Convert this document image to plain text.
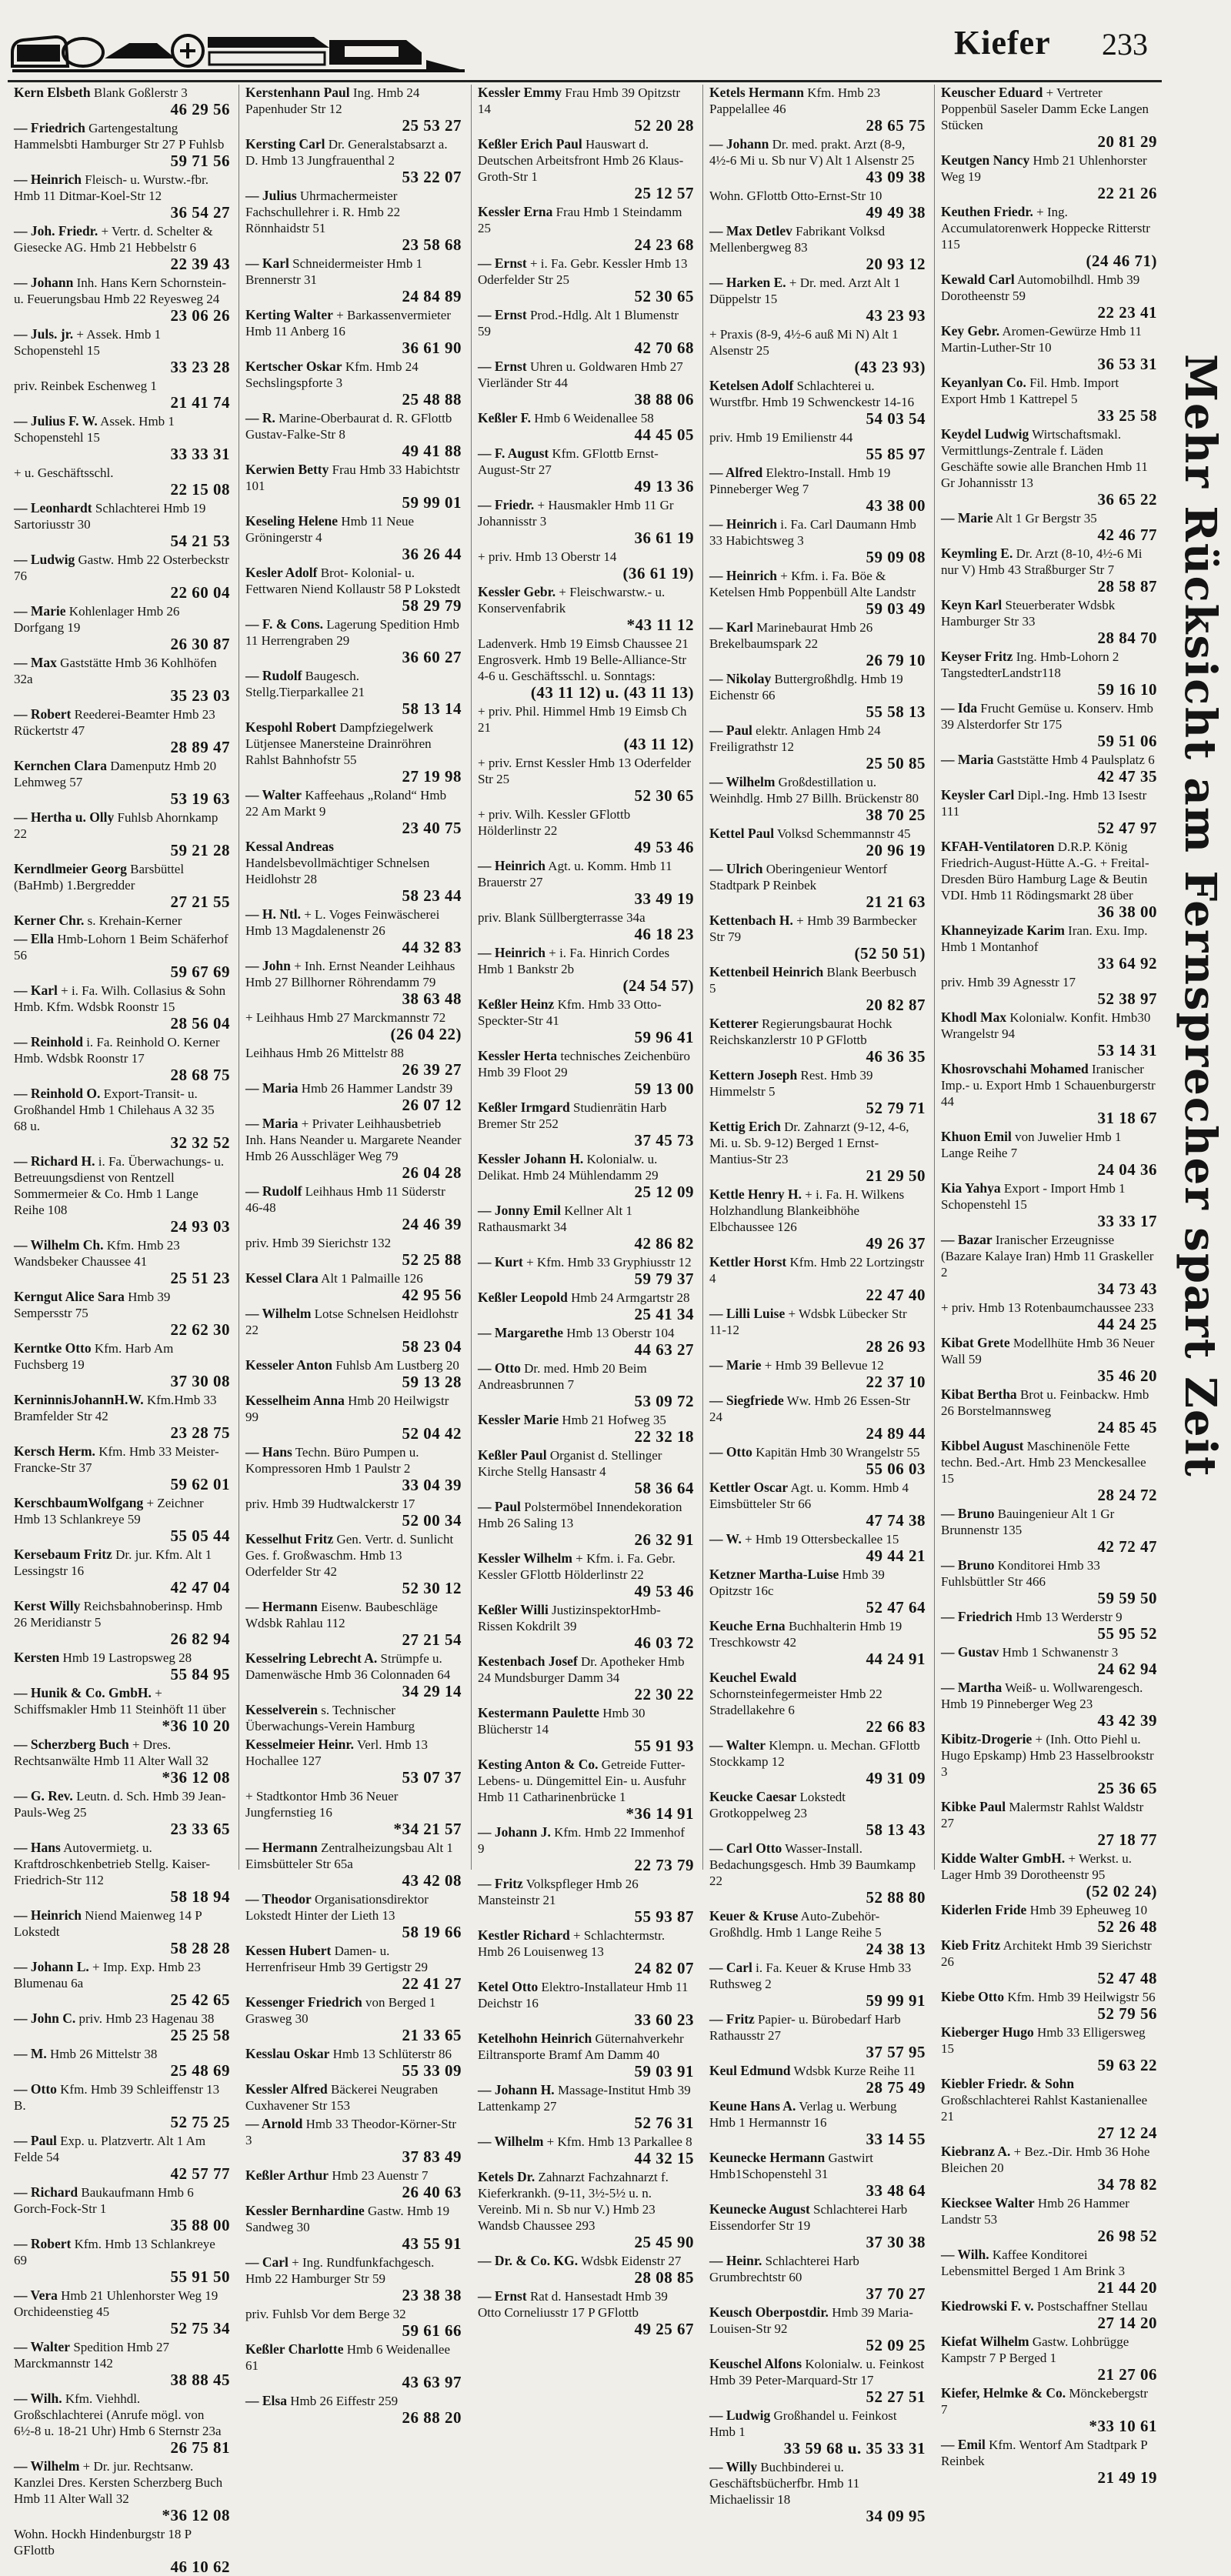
Kiefer 233
Kern Elsbeth Blank Goßlerstr 3
46 29 56
— Friedrich Gartengestaltung Hammelsbti Hamburger Str 27 P Fuhlsb
59 71 56
— Heinrich Fleisch- u. Wurstw.-fbr. Hmb 11 Ditmar-Koel-Str 12
36 54 27
— Joh. Friedr. + Vertr. d. Schelter & Giesecke AG. Hmb 21 Hebbelstr 6
22 39 43
— Johann Inh. Hans Kern Schornstein- u. Feuerungsbau Hmb 22 Reyesweg 24
23 06 26
— Juls. jr. + Assek. Hmb 1 Schopenstehl 15
33 23 28
priv. Reinbek Eschenweg 1
21 41 74
— Julius F. W. Assek. Hmb 1 Schopenstehl 15
33 33 31
+ u. Geschäftsschl.
22 15 08
— Leonhardt Schlachterei Hmb 19 Sartoriusstr 30
54 21 53
— Ludwig Gastw. Hmb 22 Osterbeckstr 76
22 60 04
— Marie Kohlenlager Hmb 26 Dorfgang 19
26 30 87
— Max Gaststätte Hmb 36 Kohlhöfen 32a
35 23 03
— Robert Reederei-Beamter Hmb 23 Rückertstr 47
28 89 47
Kernchen Clara Damenputz Hmb 20 Lehmweg 57
53 19 63
— Hertha u. Olly Fuhlsb Ahornkamp 22
59 21 28
Kerndlmeier Georg Barsbüttel (BaHmb) 1.Bergredder
27 21 55
Kerner Chr. s. Krehain-Kerner
— Ella Hmb-Lohorn 1 Beim Schäferhof 56
59 67 69
— Karl + i. Fa. Wilh. Collasius & Sohn Hmb. Kfm. Wdsbk Roonstr 15
28 56 04
— Reinhold i. Fa. Reinhold O. Kerner Hmb. Wdsbk Roonstr 17
28 68 75
— Reinhold O. Export-Transit- u. Großhandel Hmb 1 Chilehaus A 32 35 68 u.
32 32 52
— Richard H. i. Fa. Überwachungs- u. Betreuungsdienst von Rentzell Sommermeier & Co. Hmb 1 Lange Reihe 108
24 93 03
— Wilhelm Ch. Kfm. Hmb 23 Wandsbeker Chaussee 41
25 51 23
Kerngut Alice Sara Hmb 39 Sempersstr 75
22 62 30
Kerntke Otto Kfm. Harb Am Fuchsberg 19
37 30 08
KerninnisJohannH.W. Kfm.Hmb 33 Bramfelder Str 42
23 28 75
Kersch Herm. Kfm. Hmb 33 Meister-Francke-Str 37
59 62 01
KerschbaumWolfgang + Zeichner Hmb 13 Schlankreye 59
55 05 44
Kersebaum Fritz Dr. jur. Kfm. Alt 1 Lessingstr 16
42 47 04
Kerst Willy Reichsbahnoberinsp. Hmb 26 Meridianstr 5
26 82 94
Kersten Hmb 19 Lastropsweg 28
55 84 95
— Hunik & Co. GmbH. + Schiffsmakler Hmb 11 Steinhöft 11 über
*36 10 20
— Scherzberg Buch + Dres. Rechtsanwälte Hmb 11 Alter Wall 32
*36 12 08
— G. Rev. Leutn. d. Sch. Hmb 39 Jean-Pauls-Weg 25
23 33 65
— Hans Autovermietg. u. Kraftdroschkenbetrieb Stellg. Kaiser-Friedrich-Str 112
58 18 94
— Heinrich Niend Maienweg 14 P Lokstedt
58 28 28
— Johann L. + Imp. Exp. Hmb 23 Blumenau 6a
25 42 65
— John C. priv. Hmb 23 Hagenau 38
25 25 58
— M. Hmb 26 Mittelstr 38
25 48 69
— Otto Kfm. Hmb 39 Schleiffenstr 13 B.
52 75 25
— Paul Exp. u. Platzvertr. Alt 1 Am Felde 54
42 57 77
— Richard Baukaufmann Hmb 6 Gorch-Fock-Str 1
35 88 00
— Robert Kfm. Hmb 13 Schlankreye 69
55 91 50
— Vera Hmb 21 Uhlenhorster Weg 19 Orchideenstieg 45
52 75 34
— Walter Spedition Hmb 27 Marckmannstr 142
38 88 45
— Wilh. Kfm. Viehhdl. Großschlachterei (Anrufe mögl. von 6½-8 u. 18-21 Uhr) Hmb 6 Sternstr 23a
26 75 81
— Wilhelm + Dr. jur. Rechtsanw. Kanzlei Dres. Kersten Scherzberg Buch Hmb 11 Alter Wall 32
*36 12 08
Wohn. Hockh Hindenburgstr 18 P GFlottb
46 10 62
Kerstenhann Paul Ing. Hmb 24 Papenhuder Str 12
25 53 27
Kersting Carl Dr. Generalstabsarzt a. D. Hmb 13 Jungfrauenthal 2
53 22 07
— Julius Uhrmachermeister Fachschullehrer i. R. Hmb 22 Rönnhaidstr 51
23 58 68
— Karl Schneidermeister Hmb 1 Brennerstr 31
24 84 89
Kerting Walter + Barkassenvermieter Hmb 11 Anberg 16
36 61 90
Kertscher Oskar Kfm. Hmb 24 Sechslingspforte 3
25 48 88
— R. Marine-Oberbaurat d. R. GFlottb Gustav-Falke-Str 8
49 41 88
Kerwien Betty Frau Hmb 33 Habichtstr 101
59 99 01
Keseling Helene Hmb 11 Neue Gröningerstr 4
36 26 44
Kesler Adolf Brot- Kolonial- u. Fettwaren Niend Kollaustr 58 P Lokstedt
58 29 79
— F. & Cons. Lagerung Spedition Hmb 11 Herrengraben 29
36 60 27
— Rudolf Baugesch. Stellg.Tierparkallee 21
58 13 14
Kespohl Robert Dampfziegelwerk Lütjensee Manersteine Drainröhren Rahlst Bahnhofstr 55
27 19 98
— Walter Kaffeehaus „Roland“ Hmb 22 Am Markt 9
23 40 75
Kessal Andreas Handelsbevollmächtiger Schnelsen Heidlohstr 28
58 23 44
— H. Ntl. + L. Voges Feinwäscherei Hmb 13 Magdalenenstr 26
44 32 83
— John + Inh. Ernst Neander Leihhaus Hmb 27 Billhorner Röhrendamm 79
38 63 48
+ Leihhaus Hmb 27 Marckmannstr 72
(26 04 22)
Leihhaus Hmb 26 Mittelstr 88
26 39 27
— Maria Hmb 26 Hammer Landstr 39
26 07 12
— Maria + Privater Leihhausbetrieb Inh. Hans Neander u. Margarete Neander Hmb 26 Ausschläger Weg 79
26 04 28
— Rudolf Leihhaus Hmb 11 Süderstr 46-48
24 46 39
priv. Hmb 39 Sierichstr 132
52 25 88
Kessel Clara Alt 1 Palmaille 126
42 95 56
— Wilhelm Lotse Schnelsen Heidlohstr 22
58 23 04
Kesseler Anton Fuhlsb Am Lustberg 20
59 13 28
Kesselheim Anna Hmb 20 Heilwigstr 99
52 04 42
— Hans Techn. Büro Pumpen u. Kompressoren Hmb 1 Paulstr 2
33 04 39
priv. Hmb 39 Hudtwalckerstr 17
52 00 34
Kesselhut Fritz Gen. Vertr. d. Sunlicht Ges. f. Großwaschm. Hmb 13 Oderfelder Str 42
52 30 12
— Hermann Eisenw. Baubeschläge Wdsbk Rahlau 112
27 21 54
Kesselring Lebrecht A. Strümpfe u. Damenwäsche Hmb 36 Colonnaden 64
34 29 14
Kesselverein s. Technischer Überwachungs-Verein Hamburg
Kesselmeier Heinr. Verl. Hmb 13 Hochallee 127
53 07 37
+ Stadtkontor Hmb 36 Neuer Jungfernstieg 16
*34 21 57
— Hermann Zentralheizungsbau Alt 1 Eimsbütteler Str 65a
43 42 08
— Theodor Organisationsdirektor Lokstedt Hinter der Lieth 13
58 19 66
Kessen Hubert Damen- u. Herrenfriseur Hmb 39 Gertigstr 29
22 41 27
Kessenger Friedrich von Berged 1 Grasweg 30
21 33 65
Kesslau Oskar Hmb 13 Schlüterstr 86
55 33 09
Kessler Alfred Bäckerei Neugraben Cuxhavener Str 153
— Arnold Hmb 33 Theodor-Körner-Str 3
37 83 49
Keßler Arthur Hmb 23 Auenstr 7
26 40 63
Kessler Bernhardine Gastw. Hmb 19 Sandweg 30
43 55 91
— Carl + Ing. Rundfunkfachgesch. Hmb 22 Hamburger Str 59
23 38 38
priv. Fuhlsb Vor dem Berge 32
59 61 66
Keßler Charlotte Hmb 6 Weidenallee 61
43 63 97
— Elsa Hmb 26 Eiffestr 259
26 88 20
Kessler Emmy Frau Hmb 39 Opitzstr 14
52 20 28
Keßler Erich Paul Hauswart d. Deutschen Arbeitsfront Hmb 26 Klaus-Groth-Str 1
25 12 57
Kessler Erna Frau Hmb 1 Steindamm 25
24 23 68
— Ernst + i. Fa. Gebr. Kessler Hmb 13 Oderfelder Str 25
52 30 65
— Ernst Prod.-Hdlg. Alt 1 Blumenstr 59
42 70 68
— Ernst Uhren u. Goldwaren Hmb 27 Vierländer Str 44
38 88 06
Keßler F. Hmb 6 Weidenallee 58
44 45 05
— F. August Kfm. GFlottb Ernst-August-Str 27
49 13 36
— Friedr. + Hausmakler Hmb 11 Gr Johannisstr 3
36 61 19
+ priv. Hmb 13 Oberstr 14
(36 61 19)
Kessler Gebr. + Fleischwarstw.- u. Konservenfabrik
*43 11 12
Ladenverk. Hmb 19 Eimsb Chaussee 21 Engrosverk. Hmb 19 Belle-Alliance-Str 4-6 u. Geschäftsschl. u. Sonntags:
(43 11 12) u. (43 11 13)
+ priv. Phil. Himmel Hmb 19 Eimsb Ch 21
(43 11 12)
+ priv. Ernst Kessler Hmb 13 Oderfelder Str 25
52 30 65
+ priv. Wilh. Kessler GFlottb Hölderlinstr 22
49 53 46
— Heinrich Agt. u. Komm. Hmb 11 Brauerstr 27
33 49 19
priv. Blank Süllbergterrasse 34a
46 18 23
— Heinrich + i. Fa. Hinrich Cordes Hmb 1 Bankstr 2b
(24 54 57)
Keßler Heinz Kfm. Hmb 33 Otto-Speckter-Str 41
59 96 41
Kessler Herta technisches Zeichenbüro Hmb 39 Floot 29
59 13 00
Keßler Irmgard Studienrätin Harb Bremer Str 252
37 45 73
Kessler Johann H. Kolonialw. u. Delikat. Hmb 24 Mühlendamm 29
25 12 09
— Jonny Emil Kellner Alt 1 Rathausmarkt 34
42 86 82
— Kurt + Kfm. Hmb 33 Gryphiusstr 12
59 79 37
Keßler Leopold Hmb 24 Armgartstr 28
25 41 34
— Margarethe Hmb 13 Oberstr 104
44 63 27
— Otto Dr. med. Hmb 20 Beim Andreasbrunnen 7
53 09 72
Kessler Marie Hmb 21 Hofweg 35
22 32 18
Keßler Paul Organist d. Stellinger Kirche Stellg Hansastr 4
58 36 64
— Paul Polstermöbel Innendekoration Hmb 26 Saling 13
26 32 91
Kessler Wilhelm + Kfm. i. Fa. Gebr. Kessler GFlottb Hölderlinstr 22
49 53 46
Keßler Willi JustizinspektorHmb-Rissen Kokdrilt 39
46 03 72
Kestenbach Josef Dr. Apotheker Hmb 24 Mundsburger Damm 34
22 30 22
Kestermann Paulette Hmb 30 Blücherstr 14
55 91 93
Kesting Anton & Co. Getreide Futter- Lebens- u. Düngemittel Ein- u. Ausfuhr Hmb 11 Catharinenbrücke 1
*36 14 91
— Johann J. Kfm. Hmb 22 Immenhof 9
22 73 79
— Fritz Volkspfleger Hmb 26 Mansteinstr 21
55 93 87
Kestler Richard + Schlachtermstr. Hmb 26 Louisenweg 13
24 82 07
Ketel Otto Elektro-Installateur Hmb 11 Deichstr 16
33 60 23
Ketelhohn Heinrich Güternahverkehr Eiltransporte Bramf Am Damm 40
59 03 91
— Johann H. Massage-Institut Hmb 39 Lattenkamp 27
52 76 31
— Wilhelm + Kfm. Hmb 13 Parkallee 8
44 32 15
Ketels Dr. Zahnarzt Fachzahnarzt f. Kieferkrankh. (9-11, 3½-5½ u. n. Vereinb. Mi n. Sb nur V.) Hmb 23 Wandsb Chaussee 293
25 45 90
— Dr. & Co. KG. Wdsbk Eidenstr 27
28 08 85
— Ernst Rat d. Hansestadt Hmb 39 Otto Corneliusstr 17 P GFlottb
49 25 67
Ketels Hermann Kfm. Hmb 23 Pappelallee 46
28 65 75
— Johann Dr. med. prakt. Arzt (8-9, 4½-6 Mi u. Sb nur V) Alt 1 Alsenstr 25
43 09 38
Wohn. GFlottb Otto-Ernst-Str 10
49 49 38
— Max Detlev Fabrikant Volksd Mellenbergweg 83
20 93 12
— Harken E. + Dr. med. Arzt Alt 1 Düppelstr 15
43 23 93
+ Praxis (8-9, 4½-6 auß Mi N) Alt 1 Alsenstr 25
(43 23 93)
Ketelsen Adolf Schlachterei u. Wurstfbr. Hmb 19 Schwenckestr 14-16
54 03 54
priv. Hmb 19 Emilienstr 44
55 85 97
— Alfred Elektro-Install. Hmb 19 Pinneberger Weg 7
43 38 00
— Heinrich i. Fa. Carl Daumann Hmb 33 Habichtsweg 3
59 09 08
— Heinrich + Kfm. i. Fa. Böe & Ketelsen Hmb Poppenbüll Alte Landstr
59 03 49
— Karl Marinebaurat Hmb 26 Brekelbaumspark 22
26 79 10
— Nikolay Buttergroßhdlg. Hmb 19 Eichenstr 66
55 58 13
— Paul elektr. Anlagen Hmb 24 Freiligrathstr 12
25 50 85
— Wilhelm Großdestillation u. Weinhdlg. Hmb 27 Billh. Brückenstr 80
38 70 25
Kettel Paul Volksd Schemmannstr 45
20 96 19
— Ulrich Oberingenieur Wentorf Stadtpark P Reinbek
21 21 63
Kettenbach H. + Hmb 39 Barmbecker Str 79
(52 50 51)
Kettenbeil Heinrich Blank Beerbusch 5
20 82 87
Ketterer Regierungsbaurat Hochk Reichskanzlerstr 10 P GFlottb
46 36 35
Kettern Joseph Rest. Hmb 39 Himmelstr 5
52 79 71
Kettig Erich Dr. Zahnarzt (9-12, 4-6, Mi. u. Sb. 9-12) Berged 1 Ernst-Mantius-Str 23
21 29 50
Kettle Henry H. + i. Fa. H. Wilkens Holzhandlung Blankeibhöhe Elbchaussee 126
49 26 37
Kettler Horst Kfm. Hmb 22 Lortzingstr 4
22 47 40
— Lilli Luise + Wdsbk Lübecker Str 11-12
28 26 93
— Marie + Hmb 39 Bellevue 12
22 37 10
— Siegfriede Ww. Hmb 26 Essen-Str 24
24 89 44
— Otto Kapitän Hmb 30 Wrangelstr 55
55 06 03
Kettler Oscar Agt. u. Komm. Hmb 4 Eimsbütteler Str 66
47 74 38
— W. + Hmb 19 Ottersbeckallee 15
49 44 21
Ketzner Martha-Luise Hmb 39 Opitzstr 16c
52 47 64
Keuche Erna Buchhalterin Hmb 19 Treschkowstr 42
44 24 91
Keuchel Ewald Schornsteinfegermeister Hmb 22 Stradellakehre 6
22 66 83
— Walter Klempn. u. Mechan. GFlottb Stockkamp 12
49 31 09
Keucke Caesar Lokstedt Grotkoppelweg 23
58 13 43
— Carl Otto Wasser-Install. Bedachungsgesch. Hmb 39 Baumkamp 22
52 88 80
Keuer & Kruse Auto-Zubehör-Großhdlg. Hmb 1 Lange Reihe 5
24 38 13
— Carl i. Fa. Keuer & Kruse Hmb 33 Ruthsweg 2
59 99 91
— Fritz Papier- u. Bürobedarf Harb Rathausstr 27
37 57 95
Keul Edmund Wdsbk Kurze Reihe 11
28 75 49
Keune Hans A. Verlag u. Werbung Hmb 1 Hermannstr 16
33 14 55
Keunecke Hermann Gastwirt Hmb1Schopenstehl 31
33 48 64
Keunecke August Schlachterei Harb Eissendorfer Str 19
37 30 38
— Heinr. Schlachterei Harb Grumbrechtstr 60
37 70 27
Keusch Oberpostdir. Hmb 39 Maria-Louisen-Str 92
52 09 25
Keuschel Alfons Kolonialw. u. Feinkost Hmb 39 Peter-Marquard-Str 17
52 27 51
— Ludwig Großhandel u. Feinkost Hmb 1
33 59 68 u. 35 33 31
— Willy Buchbinderei u. Geschäftsbücherfbr. Hmb 11 Michaelissir 18
34 09 95
Keuscher Eduard + Vertreter Poppenbül Saseler Damm Ecke Langen Stücken
20 81 29
Keutgen Nancy Hmb 21 Uhlenhorster Weg 19
22 21 26
Keuthen Friedr. + Ing. Accumulatorenwerk Hoppecke Ritterstr 115
(24 46 71)
Kewald Carl Automobilhdl. Hmb 39 Dorotheenstr 59
22 23 41
Key Gebr. Aromen-Gewürze Hmb 11 Martin-Luther-Str 10
36 53 31
Keyanlyan Co. Fil. Hmb. Import Export Hmb 1 Kattrepel 5
33 25 58
Keydel Ludwig Wirtschaftsmakl. Vermittlungs-Zentrale f. Läden Geschäfte sowie alle Branchen Hmb 11 Gr Johannisstr 13
36 65 22
— Marie Alt 1 Gr Bergstr 35
42 46 77
Keymling E. Dr. Arzt (8-10, 4½-6 Mi nur V) Hmb 43 Straßburger Str 7
28 58 87
Keyn Karl Steuerberater Wdsbk Hamburger Str 33
28 84 70
Keyser Fritz Ing. Hmb-Lohorn 2 TangstedterLandstr118
59 16 10
— Ida Frucht Gemüse u. Konserv. Hmb 39 Alsterdorfer Str 175
59 51 06
— Maria Gaststätte Hmb 4 Paulsplatz 6
42 47 35
Keysler Carl Dipl.-Ing. Hmb 13 Isestr 111
52 47 97
KFAH-Ventilatoren D.R.P. König Friedrich-August-Hütte A.-G. + Freital-Dresden Büro Hamburg Lage & Beutin VDI. Hmb 11 Rödingsmarkt 28 über
36 38 00
Khanneyizade Karim Iran. Exu. Imp. Hmb 1 Montanhof
33 64 92
priv. Hmb 39 Agnesstr 17
52 38 97
Khodl Max Kolonialw. Konfit. Hmb30 Wrangelstr 94
53 14 31
Khosrovschahi Mohamed Iranischer Imp.- u. Export Hmb 1 Schauenburgerstr 44
31 18 67
Khuon Emil von Juwelier Hmb 1 Lange Reihe 7
24 04 36
Kia Yahya Export - Import Hmb 1 Schopenstehl 15
33 33 17
— Bazar Iranischer Erzeugnisse (Bazare Kalaye Iran) Hmb 11 Graskeller 2
34 73 43
+ priv. Hmb 13 Rotenbaumchaussee 233
44 24 25
Kibat Grete Modellhüte Hmb 36 Neuer Wall 59
35 46 20
Kibat Bertha Brot u. Feinbackw. Hmb 26 Borstelmannsweg
24 85 45
Kibbel August Maschinenöle Fette techn. Bed.-Art. Hmb 23 Menckesallee 15
28 24 72
— Bruno Bauingenieur Alt 1 Gr Brunnenstr 135
42 72 47
— Bruno Konditorei Hmb 33 Fuhlsbüttler Str 466
59 59 50
— Friedrich Hmb 13 Werderstr 9
55 95 52
— Gustav Hmb 1 Schwanenstr 3
24 62 94
— Martha Weiß- u. Wollwarengesch. Hmb 19 Pinneberger Weg 23
43 42 39
Kibitz-Drogerie + (Inh. Otto Piehl u. Hugo Epskamp) Hmb 23 Hasselbrookstr 3
25 36 65
Kibke Paul Malermstr Rahlst Waldstr 27
27 18 77
Kidde Walter GmbH. + Werkst. u. Lager Hmb 39 Dorotheenstr 95
(52 02 24)
Kiderlen Fride Hmb 39 Epheuweg 10
52 26 48
Kieb Fritz Architekt Hmb 39 Sierichstr 26
52 47 48
Kiebe Otto Kfm. Hmb 39 Heilwigstr 56
52 79 56
Kieberger Hugo Hmb 33 Elligersweg 15
59 63 22
Kiebler Friedr. & Sohn Großschlachterei Rahlst Kastanienallee 21
27 12 24
Kiebranz A. + Bez.-Dir. Hmb 36 Hohe Bleichen 20
34 78 82
Kiecksee Walter Hmb 26 Hammer Landstr 53
26 98 52
— Wilh. Kaffee Konditorei Lebensmittel Berged 1 Am Brink 3
21 44 20
Kiedrowski F. v. Postschaffner Stellau
27 14 20
Kiefat Wilhelm Gastw. Lohbrügge Kampstr 7 P Berged 1
21 27 06
Kiefer, Helmke & Co. Mönckebergstr 7
*33 10 61
— Emil Kfm. Wentorf Am Stadtpark P Reinbek
21 49 19
Mehr Rücksicht am Fernsprecher spart Zeit
